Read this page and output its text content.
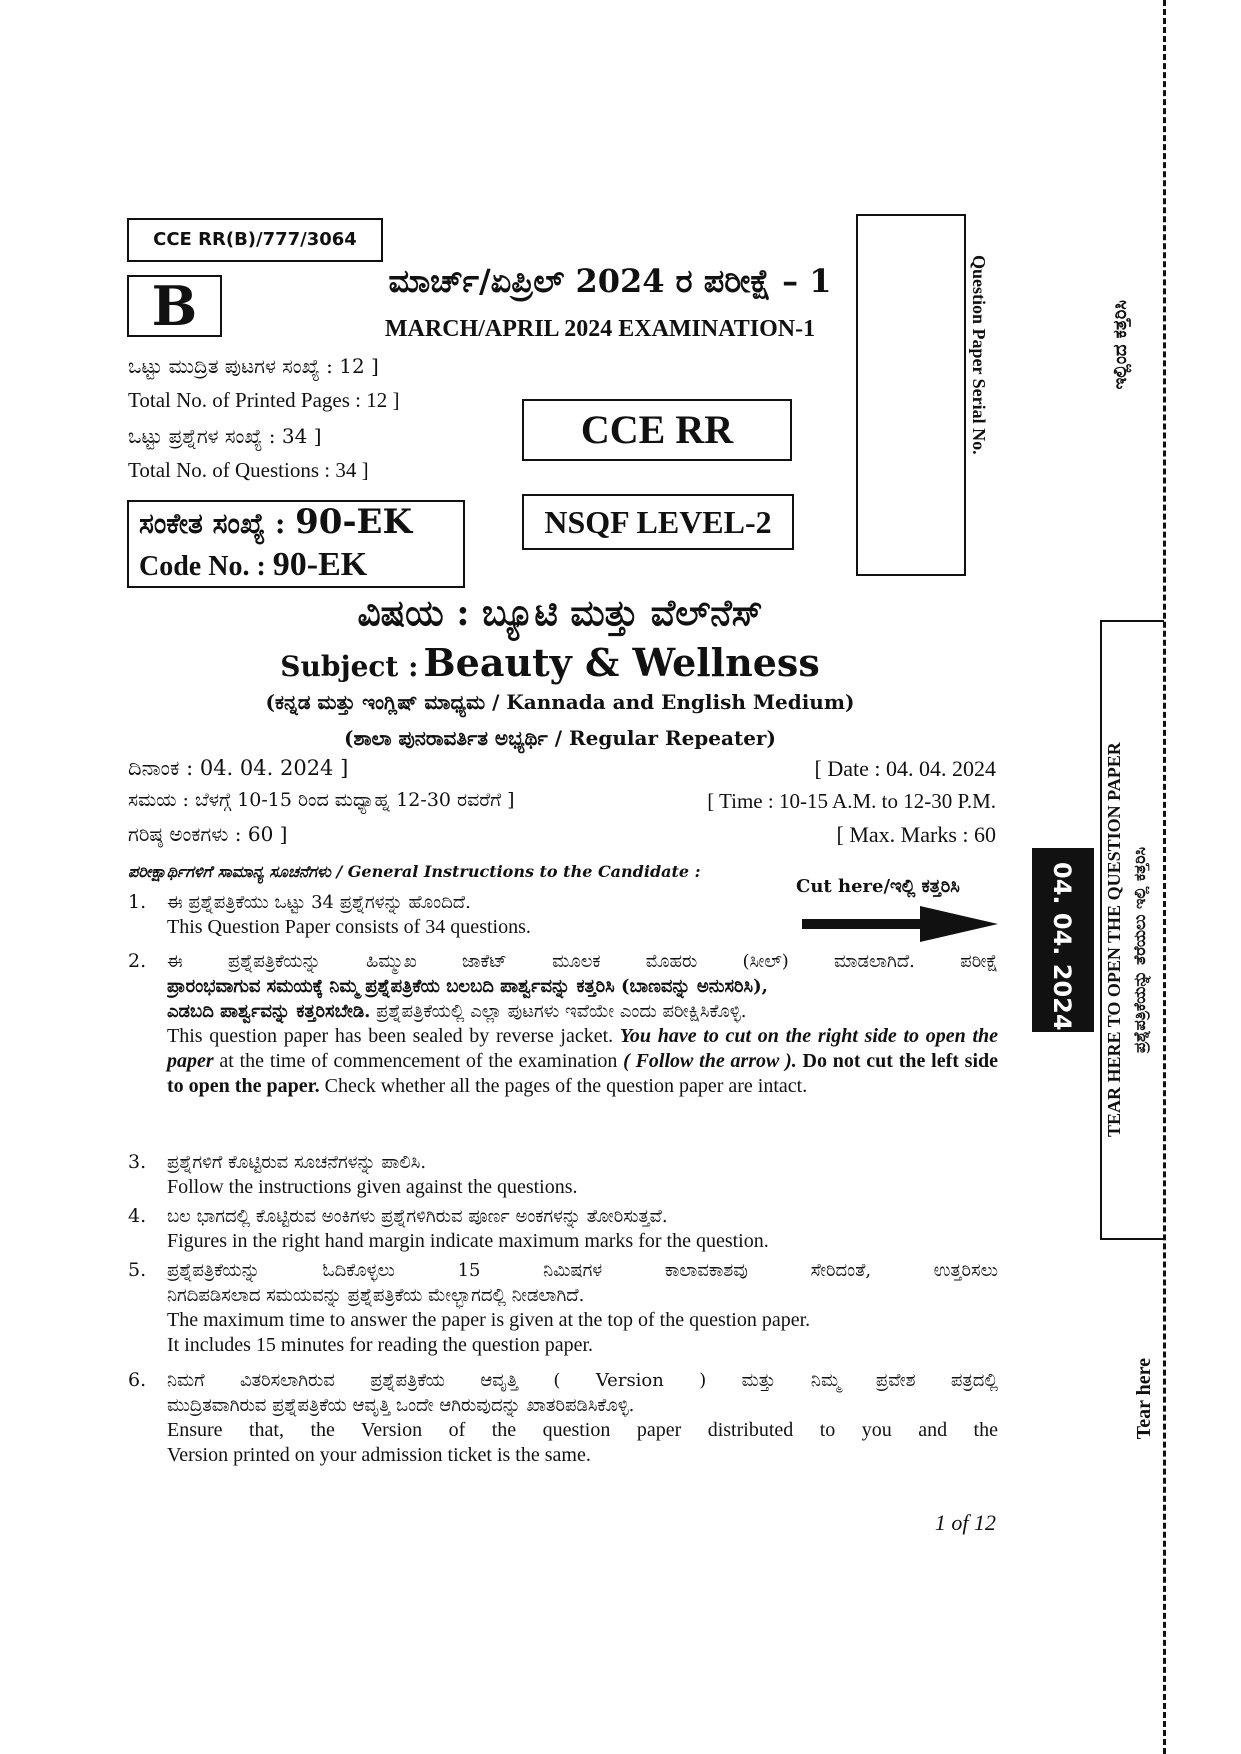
CCE RR(B)/777/3064
B	ಮಾರ್ಚ್/ಏಪ್ರಿಲ್ 2024 ರ ಪರೀಕ್ಷೆ – 1
MARCH/APRIL 2024 EXAMINATION-1
ಒಟ್ಟು ಮುದ್ರಿತ ಪುಟಗಳ ಸಂಖ್ಯೆ : 12 ]
Total No. of Printed Pages : 12 ]
ಒಟ್ಟು ಪ್ರಶ್ನೆಗಳ ಸಂಖ್ಯೆ : 34 ]
Total No. of Questions : 34 ]
CCE RR
NSQF LEVEL-2
ಸಂಕೇತ ಸಂಖ್ಯೆ : 90-EK
Code No. : 90-EK
Question Paper Serial No.
ವಿಷಯ : ಬ್ಯೂಟಿ ಮತ್ತು ವೆಲ್‌ನೆಸ್
Subject : Beauty & Wellness
(ಕನ್ನಡ ಮತ್ತು ಇಂಗ್ಲಿಷ್ ಮಾಧ್ಯಮ / Kannada and English Medium)
(ಶಾಲಾ ಪುನರಾವರ್ತಿತ ಅಭ್ಯರ್ಥಿ / Regular Repeater)
ದಿನಾಂಕ : 04. 04. 2024 ]	[ Date : 04. 04. 2024
ಸಮಯ : ಬೆಳಗ್ಗೆ 10-15 ರಿಂದ ಮಧ್ಯಾಹ್ನ 12-30 ರವರೆಗೆ ]	[ Time : 10-15 A.M. to 12-30 P.M.
ಗರಿಷ್ಠ ಅಂಕಗಳು : 60 ]	[ Max. Marks : 60
ಪರೀಕ್ಷಾರ್ಥಿಗಳಿಗೆ ಸಾಮಾನ್ಯ ಸೂಚನೆಗಳು / General Instructions to the Candidate :
Cut here/ಇಲ್ಲಿ ಕತ್ತರಿಸಿ
1. ಈ ಪ್ರಶ್ನೆಪತ್ರಿಕೆಯು ಒಟ್ಟು 34 ಪ್ರಶ್ನೆಗಳನ್ನು ಹೊಂದಿದೆ.
This Question Paper consists of 34 questions.
2. ಈ ಪ್ರಶ್ನೆಪತ್ರಿಕೆಯನ್ನು ಹಿಮ್ಮುಖ ಜಾಕೆಟ್ ಮೂಲಕ ಮೊಹರು (ಸೀಲ್) ಮಾಡಲಾಗಿದೆ. ಪರೀಕ್ಷೆ
ಪ್ರಾರಂಭವಾಗುವ ಸಮಯಕ್ಕೆ ನಿಮ್ಮ ಪ್ರಶ್ನೆಪತ್ರಿಕೆಯ ಬಲಬದಿ ಪಾರ್ಶ್ವವನ್ನು ಕತ್ತರಿಸಿ (ಬಾಣವನ್ನು ಅನುಸರಿಸಿ),
ಎಡಬದಿ ಪಾರ್ಶ್ವವನ್ನು ಕತ್ತರಿಸಬೇಡಿ. ಪ್ರಶ್ನೆಪತ್ರಿಕೆಯಲ್ಲಿ ಎಲ್ಲಾ ಪುಟಗಳು ಇವೆಯೇ ಎಂದು ಪರೀಕ್ಷಿಸಿಕೊಳ್ಳಿ.
This question paper has been sealed by reverse jacket. You have to cut on the right side to open the paper at the time of commencement of the examination ( Follow the arrow ). Do not cut the left side to open the paper. Check whether all the pages of the question paper are intact.
3. ಪ್ರಶ್ನೆಗಳಿಗೆ ಕೊಟ್ಟಿರುವ ಸೂಚನೆಗಳನ್ನು ಪಾಲಿಸಿ.
Follow the instructions given against the questions.
4. ಬಲ ಭಾಗದಲ್ಲಿ ಕೊಟ್ಟಿರುವ ಅಂಕಿಗಳು ಪ್ರಶ್ನೆಗಳಿಗಿರುವ ಪೂರ್ಣ ಅಂಕಗಳನ್ನು ತೋರಿಸುತ್ತವೆ.
Figures in the right hand margin indicate maximum marks for the question.
5. ಪ್ರಶ್ನೆಪತ್ರಿಕೆಯನ್ನು ಓದಿಕೊಳ್ಳಲು 15 ನಿಮಿಷಗಳ ಕಾಲಾವಕಾಶವು ಸೇರಿದಂತೆ, ಉತ್ತರಿಸಲು
ನಿಗದಿಪಡಿಸಲಾದ ಸಮಯವನ್ನು ಪ್ರಶ್ನೆಪತ್ರಿಕೆಯ ಮೇಲ್ಭಾಗದಲ್ಲಿ ನೀಡಲಾಗಿದೆ.
The maximum time to answer the paper is given at the top of the question paper.
It includes 15 minutes for reading the question paper.
6. ನಿಮಗೆ ವಿತರಿಸಲಾಗಿರುವ ಪ್ರಶ್ನೆಪತ್ರಿಕೆಯ ಆವೃತ್ತಿ ( Version ) ಮತ್ತು ನಿಮ್ಮ ಪ್ರವೇಶ ಪತ್ರದಲ್ಲಿ
ಮುದ್ರಿತವಾಗಿರುವ ಪ್ರಶ್ನೆಪತ್ರಿಕೆಯ ಆವೃತ್ತಿ ಒಂದೇ ಆಗಿರುವುದನ್ನು ಖಾತರಿಪಡಿಸಿಕೊಳ್ಳಿ.
Ensure that, the Version of the question paper distributed to you and the
Version printed on your admission ticket is the same.
1 of 12
ಇಲ್ಲಿಂದ ಕತ್ತರಿಸಿ
TEAR HERE TO OPEN THE QUESTION PAPER ಪ್ರಶ್ನೆಪತ್ರಿಕೆಯನ್ನು ತೆರೆಯಲು ಇಲ್ಲಿ ಕತ್ತರಿಸಿ
04. 04. 2024
Tear here
